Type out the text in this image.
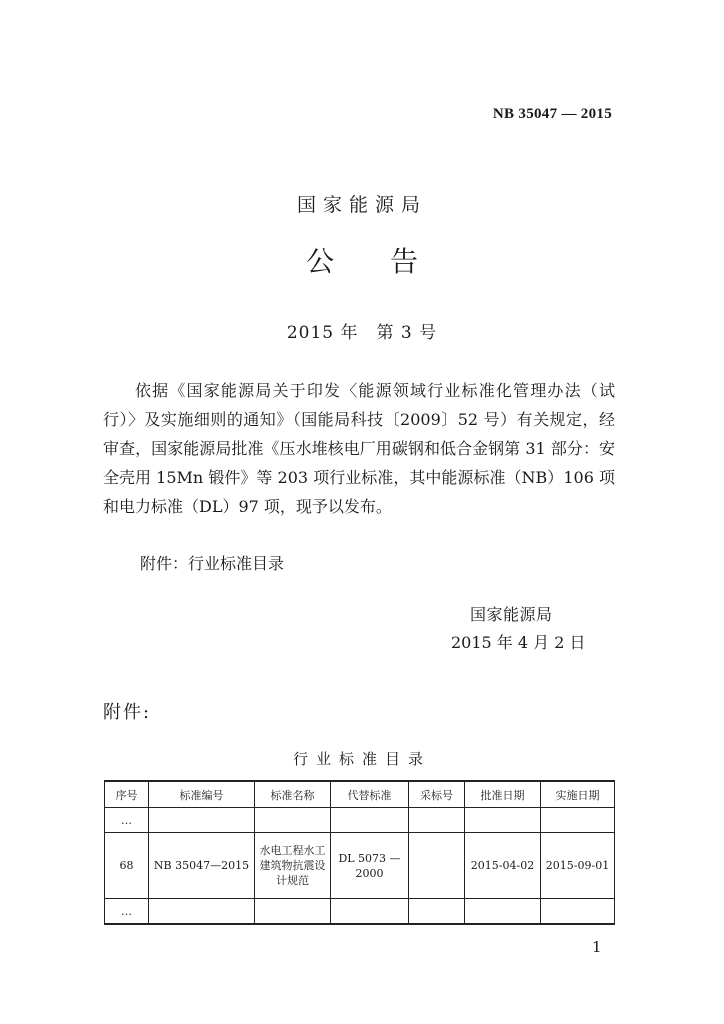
NB 35047 — 2015
国家能源局
公告
2015 年　第 3 号
依据《国家能源局关于印发〈能源领域行业标准化管理办法（试行）〉及实施细则的通知》（国能局科技〔2009〕52 号）有关规定，经审查，国家能源局批准《压水堆核电厂用碳钢和低合金钢第 31 部分：安全壳用 15Mn 锻件》等 203 项行业标准，其中能源标准（NB）106 项和电力标准（DL）97 项，现予以发布。
附件：行业标准目录
国家能源局
2015 年 4 月 2 日
附件:
行业标准目录
序号	标准编号	标准名称	代替标准	采标号	批准日期	实施日期
…						
68	NB 35047—2015	水电工程水工建筑物抗震设计规范	DL 5073 — 2000		2015-04-02	2015-09-01
…						
1
